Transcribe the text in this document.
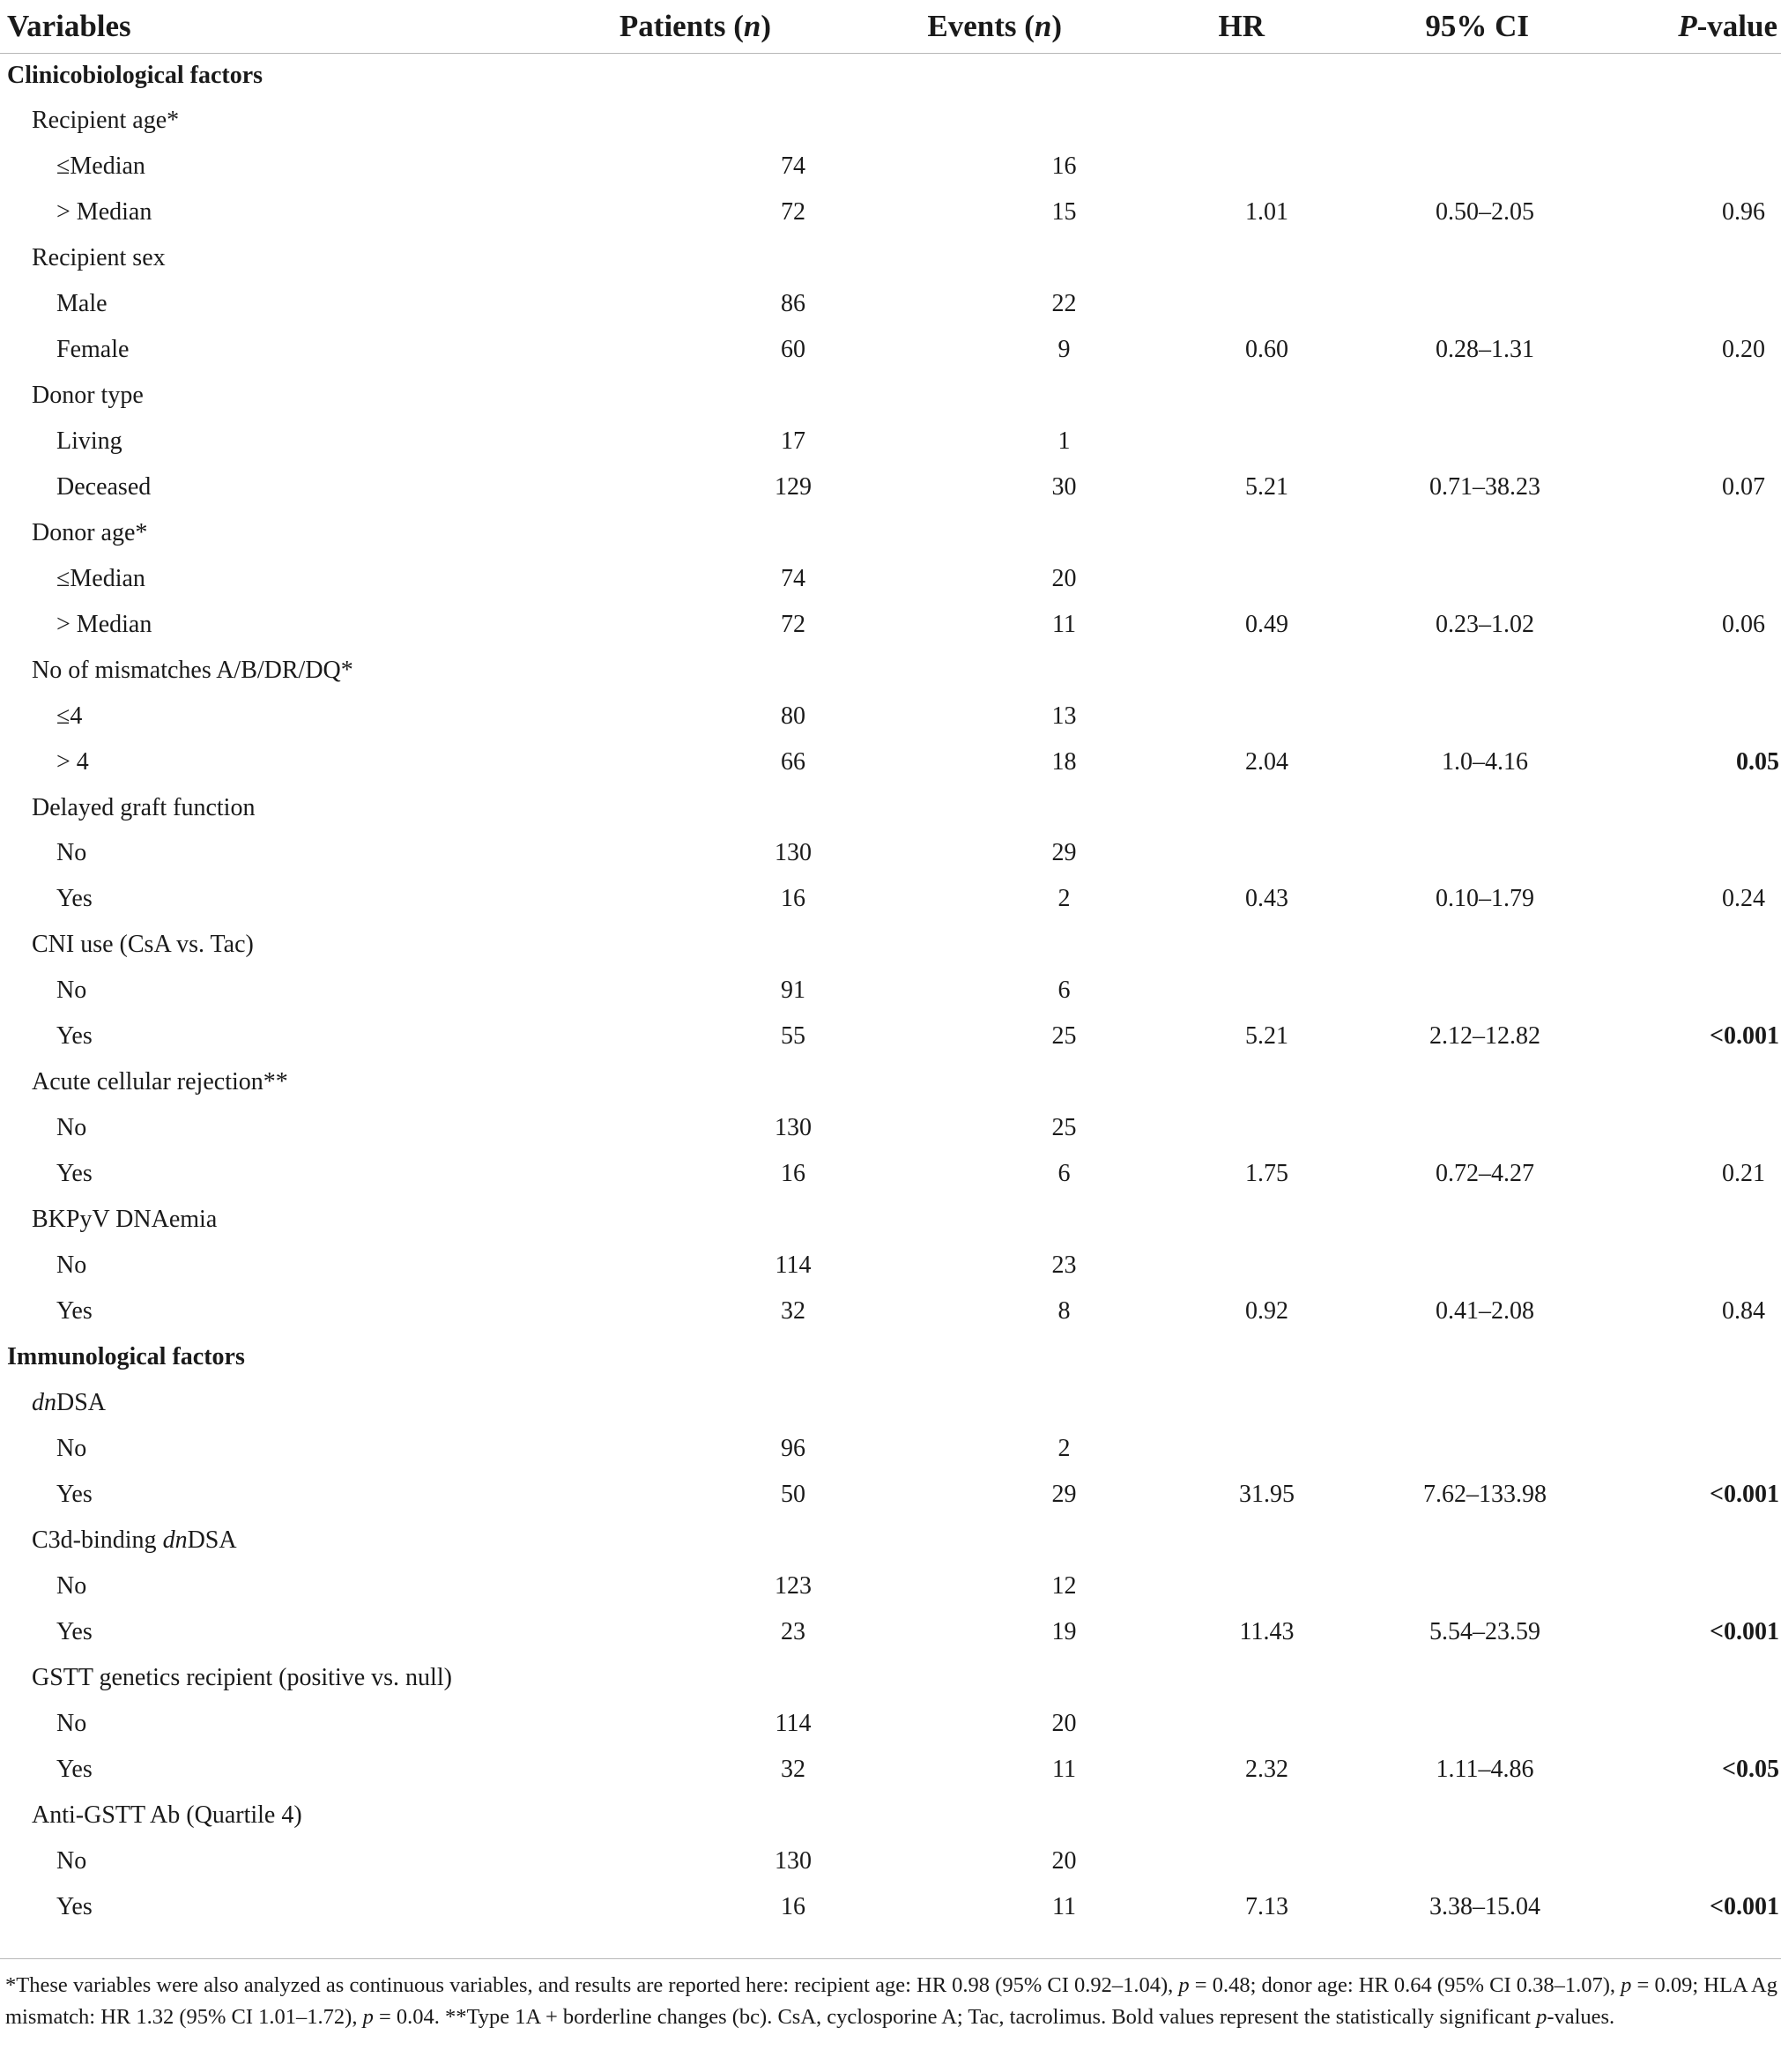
Variables	Patients (n)	Events (n)	HR	95% CI	P-value
Clinicobiological factors					
Recipient age*					
≤Median	74	16			
> Median	72	15	1.01	0.50–2.05	0.96
Recipient sex					
Male	86	22			
Female	60	9	0.60	0.28–1.31	0.20
Donor type					
Living	17	1			
Deceased	129	30	5.21	0.71–38.23	0.07
Donor age*					
≤Median	74	20			
> Median	72	11	0.49	0.23–1.02	0.06
No of mismatches A/B/DR/DQ*					
≤4	80	13			
> 4	66	18	2.04	1.0–4.16	0.05
Delayed graft function					
No	130	29			
Yes	16	2	0.43	0.10–1.79	0.24
CNI use (CsA vs. Tac)					
No	91	6			
Yes	55	25	5.21	2.12–12.82	<0.001
Acute cellular rejection**					
No	130	25			
Yes	16	6	1.75	0.72–4.27	0.21
BKPyV DNAemia					
No	114	23			
Yes	32	8	0.92	0.41–2.08	0.84
Immunological factors					
dnDSA					
No	96	2			
Yes	50	29	31.95	7.62–133.98	<0.001
C3d-binding dnDSA					
No	123	12			
Yes	23	19	11.43	5.54–23.59	<0.001
GSTT genetics recipient (positive vs. null)					
No	114	20			
Yes	32	11	2.32	1.11–4.86	<0.05
Anti-GSTT Ab (Quartile 4)					
No	130	20			
Yes	16	11	7.13	3.38–15.04	<0.001
*These variables were also analyzed as continuous variables, and results are reported here: recipient age: HR 0.98 (95% CI 0.92–1.04), p = 0.48; donor age: HR 0.64 (95% CI 0.38–1.07), p = 0.09; HLA Ag mismatch: HR 1.32 (95% CI 1.01–1.72), p = 0.04. **Type 1A + borderline changes (bc). CsA, cyclosporine A; Tac, tacrolimus. Bold values represent the statistically significant p-values.
